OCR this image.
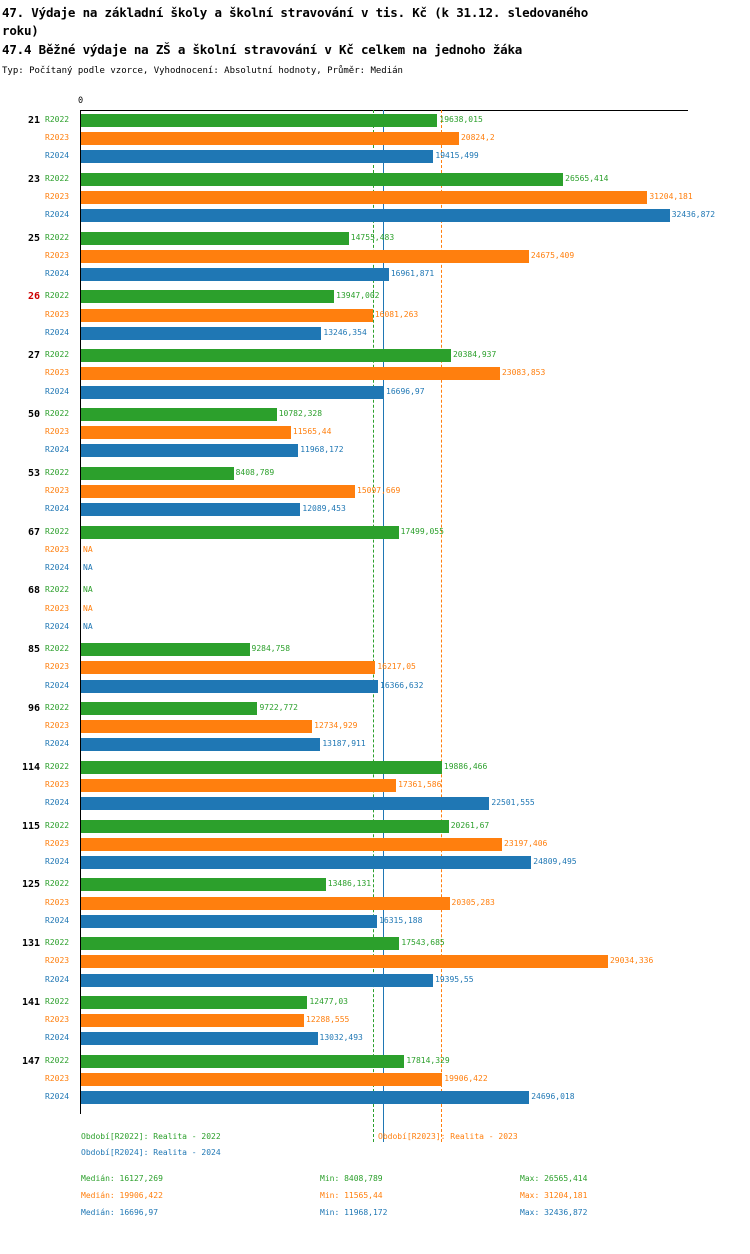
47. Výdaje na základní školy a školní stravování v tis. Kč (k 31.12. sledovaného
roku)
47.4 Běžné výdaje na ZŠ a školní stravování v Kč celkem na jednoho žáka
Typ: Počítaný podle vzorce, Vyhodnocení: Absolutní hodnoty, Průměr: Medián
0
R2022	19638,015
R2023	20824,2
R2024	19415,499
R2022	26565,414
R2023	31204,181
R2024	32436,872
R2022	14755,483
R2023	24675,409
R2024	16961,871
R2022	13947,002
R2023	16081,263
R2024	13246,354
R2022	20384,937
R2023	23083,853
R2024	16696,97
R2022	10782,328
R2023	11565,44
R2024	11968,172
R2022	8408,789
R2023	15097,669
R2024	12089,453
R2022	17499,055
R2023 NA
R2024 NA
R2022 NA
R2023 NA
R2024 NA
R2022	9284,758
R2023	16217,05
R2024	16366,632
R2022	9722,772
R2023	12734,929
R2024	13187,911
R2022	19886,466
R2023	17361,586
R2024	22501,555
R2022	20261,67
R2023	23197,406
R2024	24809,495
R2022	13486,131
R2023	20305,283
R2024	16315,188
R2022	17543,685
R2023	29034,336
R2024	19395,55
R2022	12477,03
R2023	12288,555
R2024	13032,493
R2022	17814,329
R2023	19906,422
R2024	24696,018
21
23
25
26
27
50
53
67
68
85
96
114
115
125
131
141
147
Období[R2022]: Realita - 2022	Období[R2023]: Realita - 2023
Období[R2024]: Realita - 2024
Medián: 16127,269	Min: 8408,789	Max: 26565,414
Medián: 19906,422	Min: 11565,44	Max: 31204,181
Medián: 16696,97	Min: 11968,172	Max: 32436,872
